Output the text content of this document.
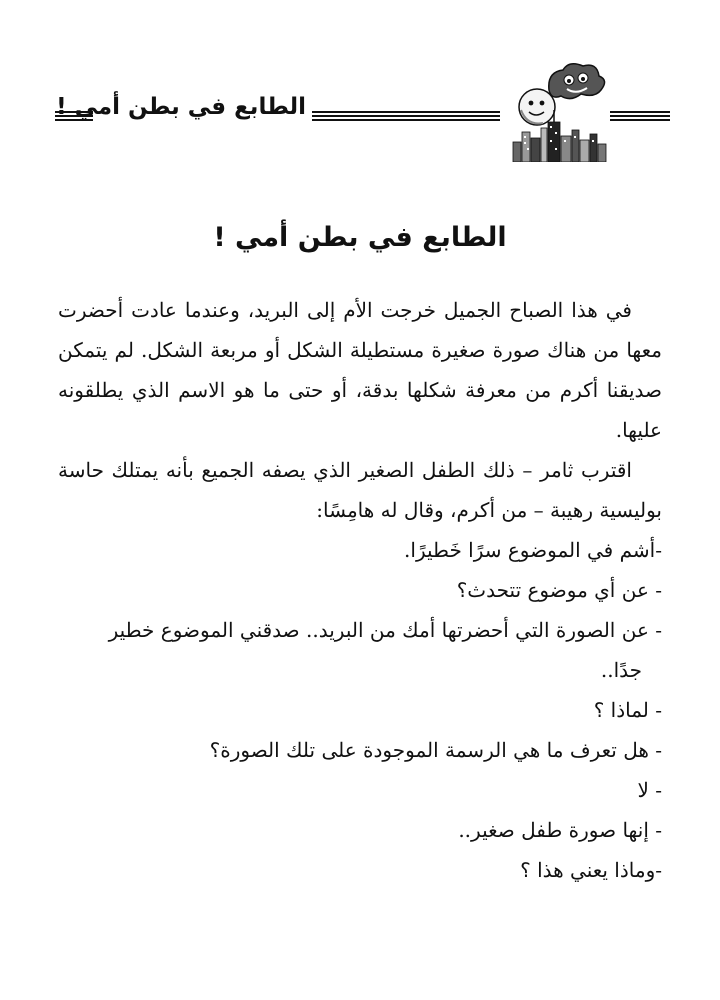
الطابع في بطن أمي !
الطابع في بطن أمي !

في هذا الصباح الجميل خرجت الأم إلى البريد، وعندما عادت أحضرت معها من هناك صورة صغيرة مستطيلة الشكل أو مربعة الشكل. لم يتمكن صديقنا أكرم من معرفة شكلها بدقة، أو حتى ما هو الاسم الذي يطلقونه عليها.

اقترب ثامر – ذلك الطفل الصغير الذي يصفه الجميع بأنه يمتلك حاسة بوليسية رهيبة – من أكرم، وقال له هامِسًا:

-أشم في الموضوع سرًا خَطيرًا.

- عن أي موضوع تتحدث؟

- عن الصورة التي أحضرتها أمك من البريد.. صدقني الموضوع خطير

جدًا..

- لماذا ؟

- هل تعرف ما هي الرسمة الموجودة على تلك الصورة؟

- لا

- إنها صورة طفل صغير..

-وماذا يعني هذا ؟
